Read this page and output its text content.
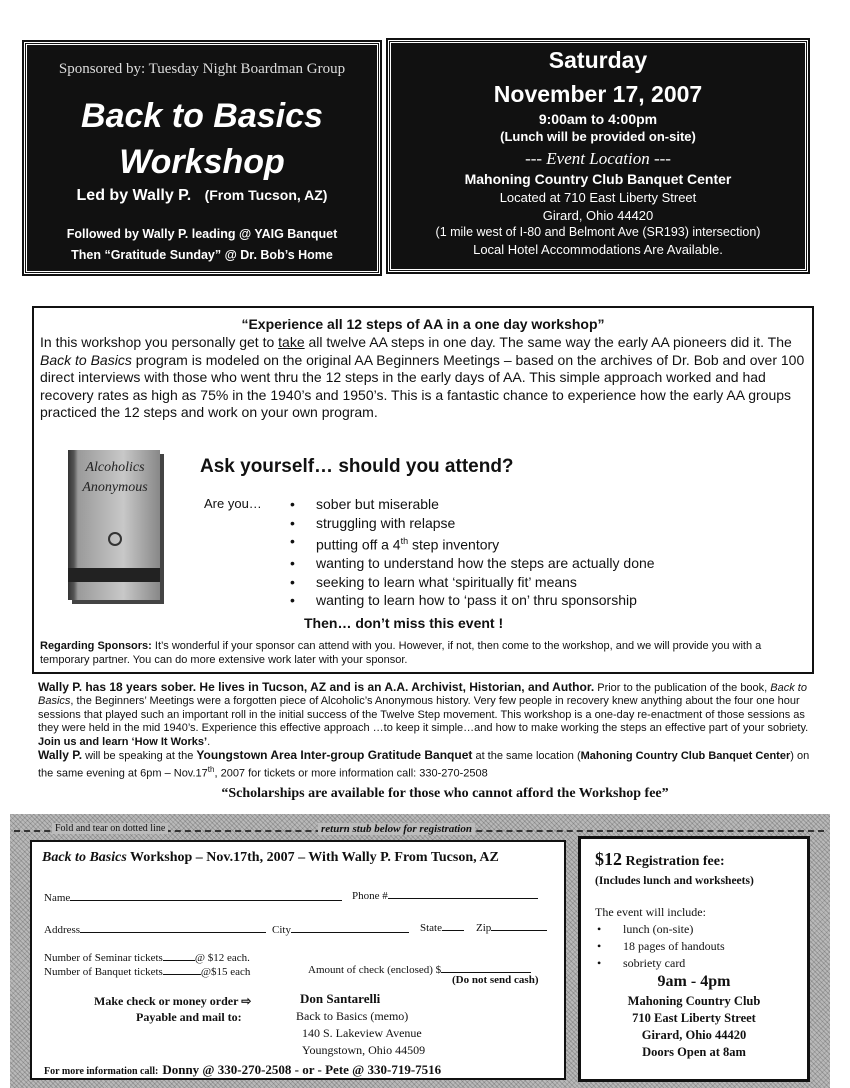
Sponsored by: Tuesday Night Boardman Group
Back to Basics
Workshop
Led by Wally P. (From Tucson, AZ)
Followed by Wally P. leading @ YAIG Banquet
Then “Gratitude Sunday” @ Dr. Bob’s Home
Saturday
November 17, 2007
9:00am to 4:00pm
(Lunch will be provided on-site)
--- Event Location ---
Mahoning Country Club Banquet Center
Located at 710 East Liberty Street
Girard, Ohio 44420
(1 mile west of I-80 and Belmont Ave (SR193) intersection)
Local Hotel Accommodations Are Available.
“Experience all 12 steps of AA in a one day workshop”
In this workshop you personally get to take all twelve AA steps in one day. The same way the early AA pioneers did it. The Back to Basics program is modeled on the original AA Beginners Meetings – based on the archives of Dr. Bob and over 100 direct interviews with those who went thru the 12 steps in the early days of AA. This simple approach worked and had recovery rates as high as 75% in the 1940’s and 1950’s. This is a fantastic chance to experience how the early AA groups practiced the 12 steps and work on your own program.
Alcoholics
Anonymous
Ask yourself… should you attend?
Are you…
•	sober but miserable
• struggling with relapse
• putting off a 4th step inventory
• wanting to understand how the steps are actually done
• seeking to learn what ‘spiritually fit’ means
• wanting to learn how to ‘pass it on’ thru sponsorship
Then… don’t miss this event !
Regarding Sponsors: It’s wonderful if your sponsor can attend with you. However, if not, then come to the workshop, and we will provide you with a temporary partner. You can do more extensive work later with your sponsor.
Wally P. has 18 years sober. He lives in Tucson, AZ and is an A.A. Archivist, Historian, and Author. Prior to the publication of the book, Back to Basics, the Beginners’ Meetings were a forgotten piece of Alcoholic’s Anonymous history. Very few people in recovery knew anything about the four one hour sessions that played such an important roll in the initial success of the Twelve Step movement. This workshop is a one-day re-enactment of those sessions as they were held in the mid 1940’s. Experience this effective approach …to keep it simple…and how to make working the steps an effective part of your sobriety. Join us and learn ‘How It Works’.
Wally P. will be speaking at the Youngstown Area Inter-group Gratitude Banquet at the same location (Mahoning Country Club Banquet Center) on the same evening at 6pm – Nov.17th, 2007 for tickets or more information call: 330-270-2508
“Scholarships are available for those who cannot afford the Workshop fee”
Fold and tear on dotted line	return stub below for registration
Back to Basics Workshop – Nov.17th, 2007 – With Wally P. From Tucson, AZ
Name	Phone #
Address	City	State	Zip
Number of Seminar tickets	@ $12 each.
Number of Banquet tickets	@$15 each	Amount of check (enclosed) $
(Do not send cash)
Make check or money order ⇨
Payable and mail to:
Don Santarelli
Back to Basics (memo)
140 S. Lakeview Avenue
Youngstown, Ohio 44509
For more information call: Donny @ 330-270-2508 - or - Pete @ 330-719-7516
$12 Registration fee:
(Includes lunch and worksheets)
The event will include:
• lunch (on-site)
• 18 pages of handouts
• sobriety card
9am - 4pm
Mahoning Country Club
710 East Liberty Street
Girard, Ohio 44420
Doors Open at 8am
